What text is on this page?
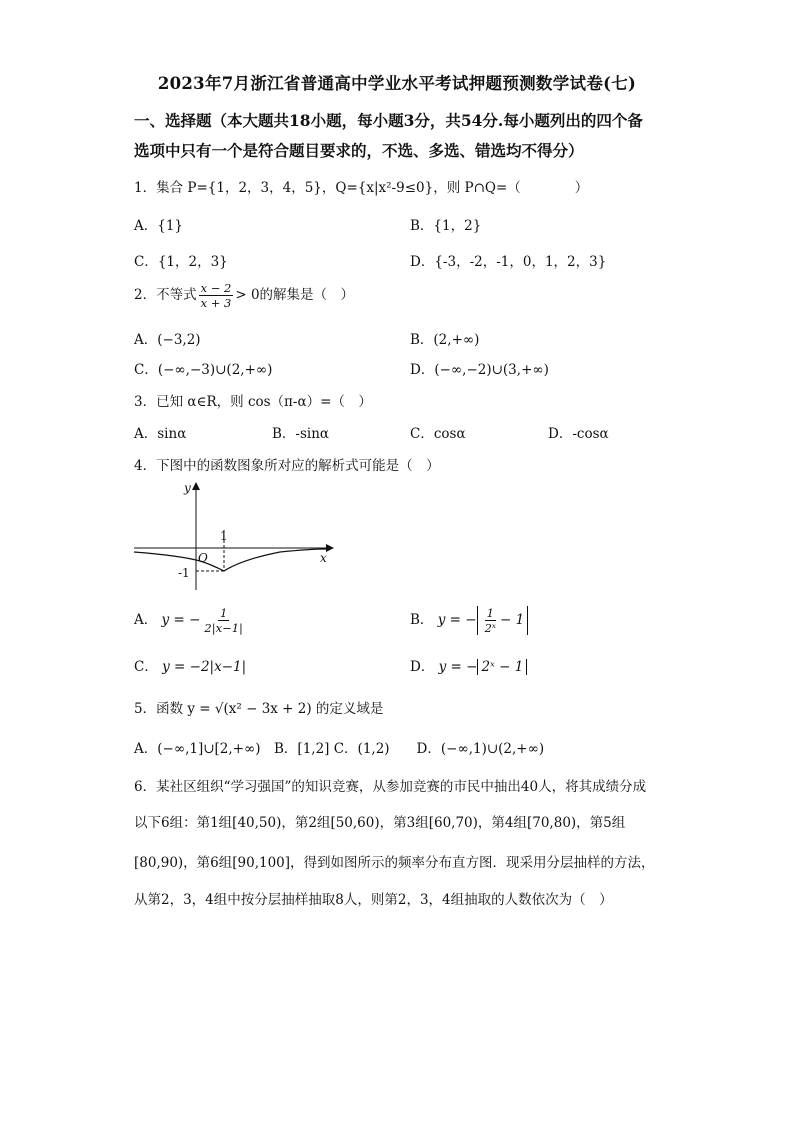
2023年7月浙江省普通高中学业水平考试押题预测数学试卷(七)
一、选择题（本大题共18小题，每小题3分，共54分.每小题列出的四个备
选项中只有一个是符合题目要求的，不选、多选、错选均不得分）
1．集合 P={1，2，3，4，5}，Q={x|x²-9≤0}，则 P∩Q=（　　　　）
A．{1}	B．{1，2}
C．{1，2，3}	D．{-3，-2，-1，0，1，2，3}
2．不等式 $\frac{x - 2}{x + 3} > 0$的解集是（　）
A．(−3,2)	B．(2,+∞)
C．(−∞,−3)∪(2,+∞)	D．(−∞,−2)∪(3,+∞)
3．已知 α∈R，则 cos（π-α）=（　）
A．sinα	B．-sinα	C．cosα	D．-cosα
4．下图中的函数图象所对应的解析式可能是（　）
y
x
O
1
-1
A． y = − $\frac{1}{2|x-1|}$	B． y = − $\frac{1}{\text{2ˣ}} - 1$
C． y = −2|x−1|	D． y = − 2ˣ − 1
5．函数 y = √(x² − 3x + 2) 的定义域是
A．(−∞,1]∪[2,+∞)　B．[1,2] C．(1,2)　　D．(−∞,1)∪(2,+∞)
6．某社区组织“学习强国”的知识竞赛，从参加竞赛的市民中抽出40人，将其成绩分成
以下6组：第1组[40,50)，第2组[50,60)，第3组[60,70)，第4组[70,80)，第5组
[80,90)，第6组[90,100]，得到如图所示的频率分布直方图．现采用分层抽样的方法，
从第2，3，4组中按分层抽样抽取8人，则第2，3，4组抽取的人数依次为（　）
